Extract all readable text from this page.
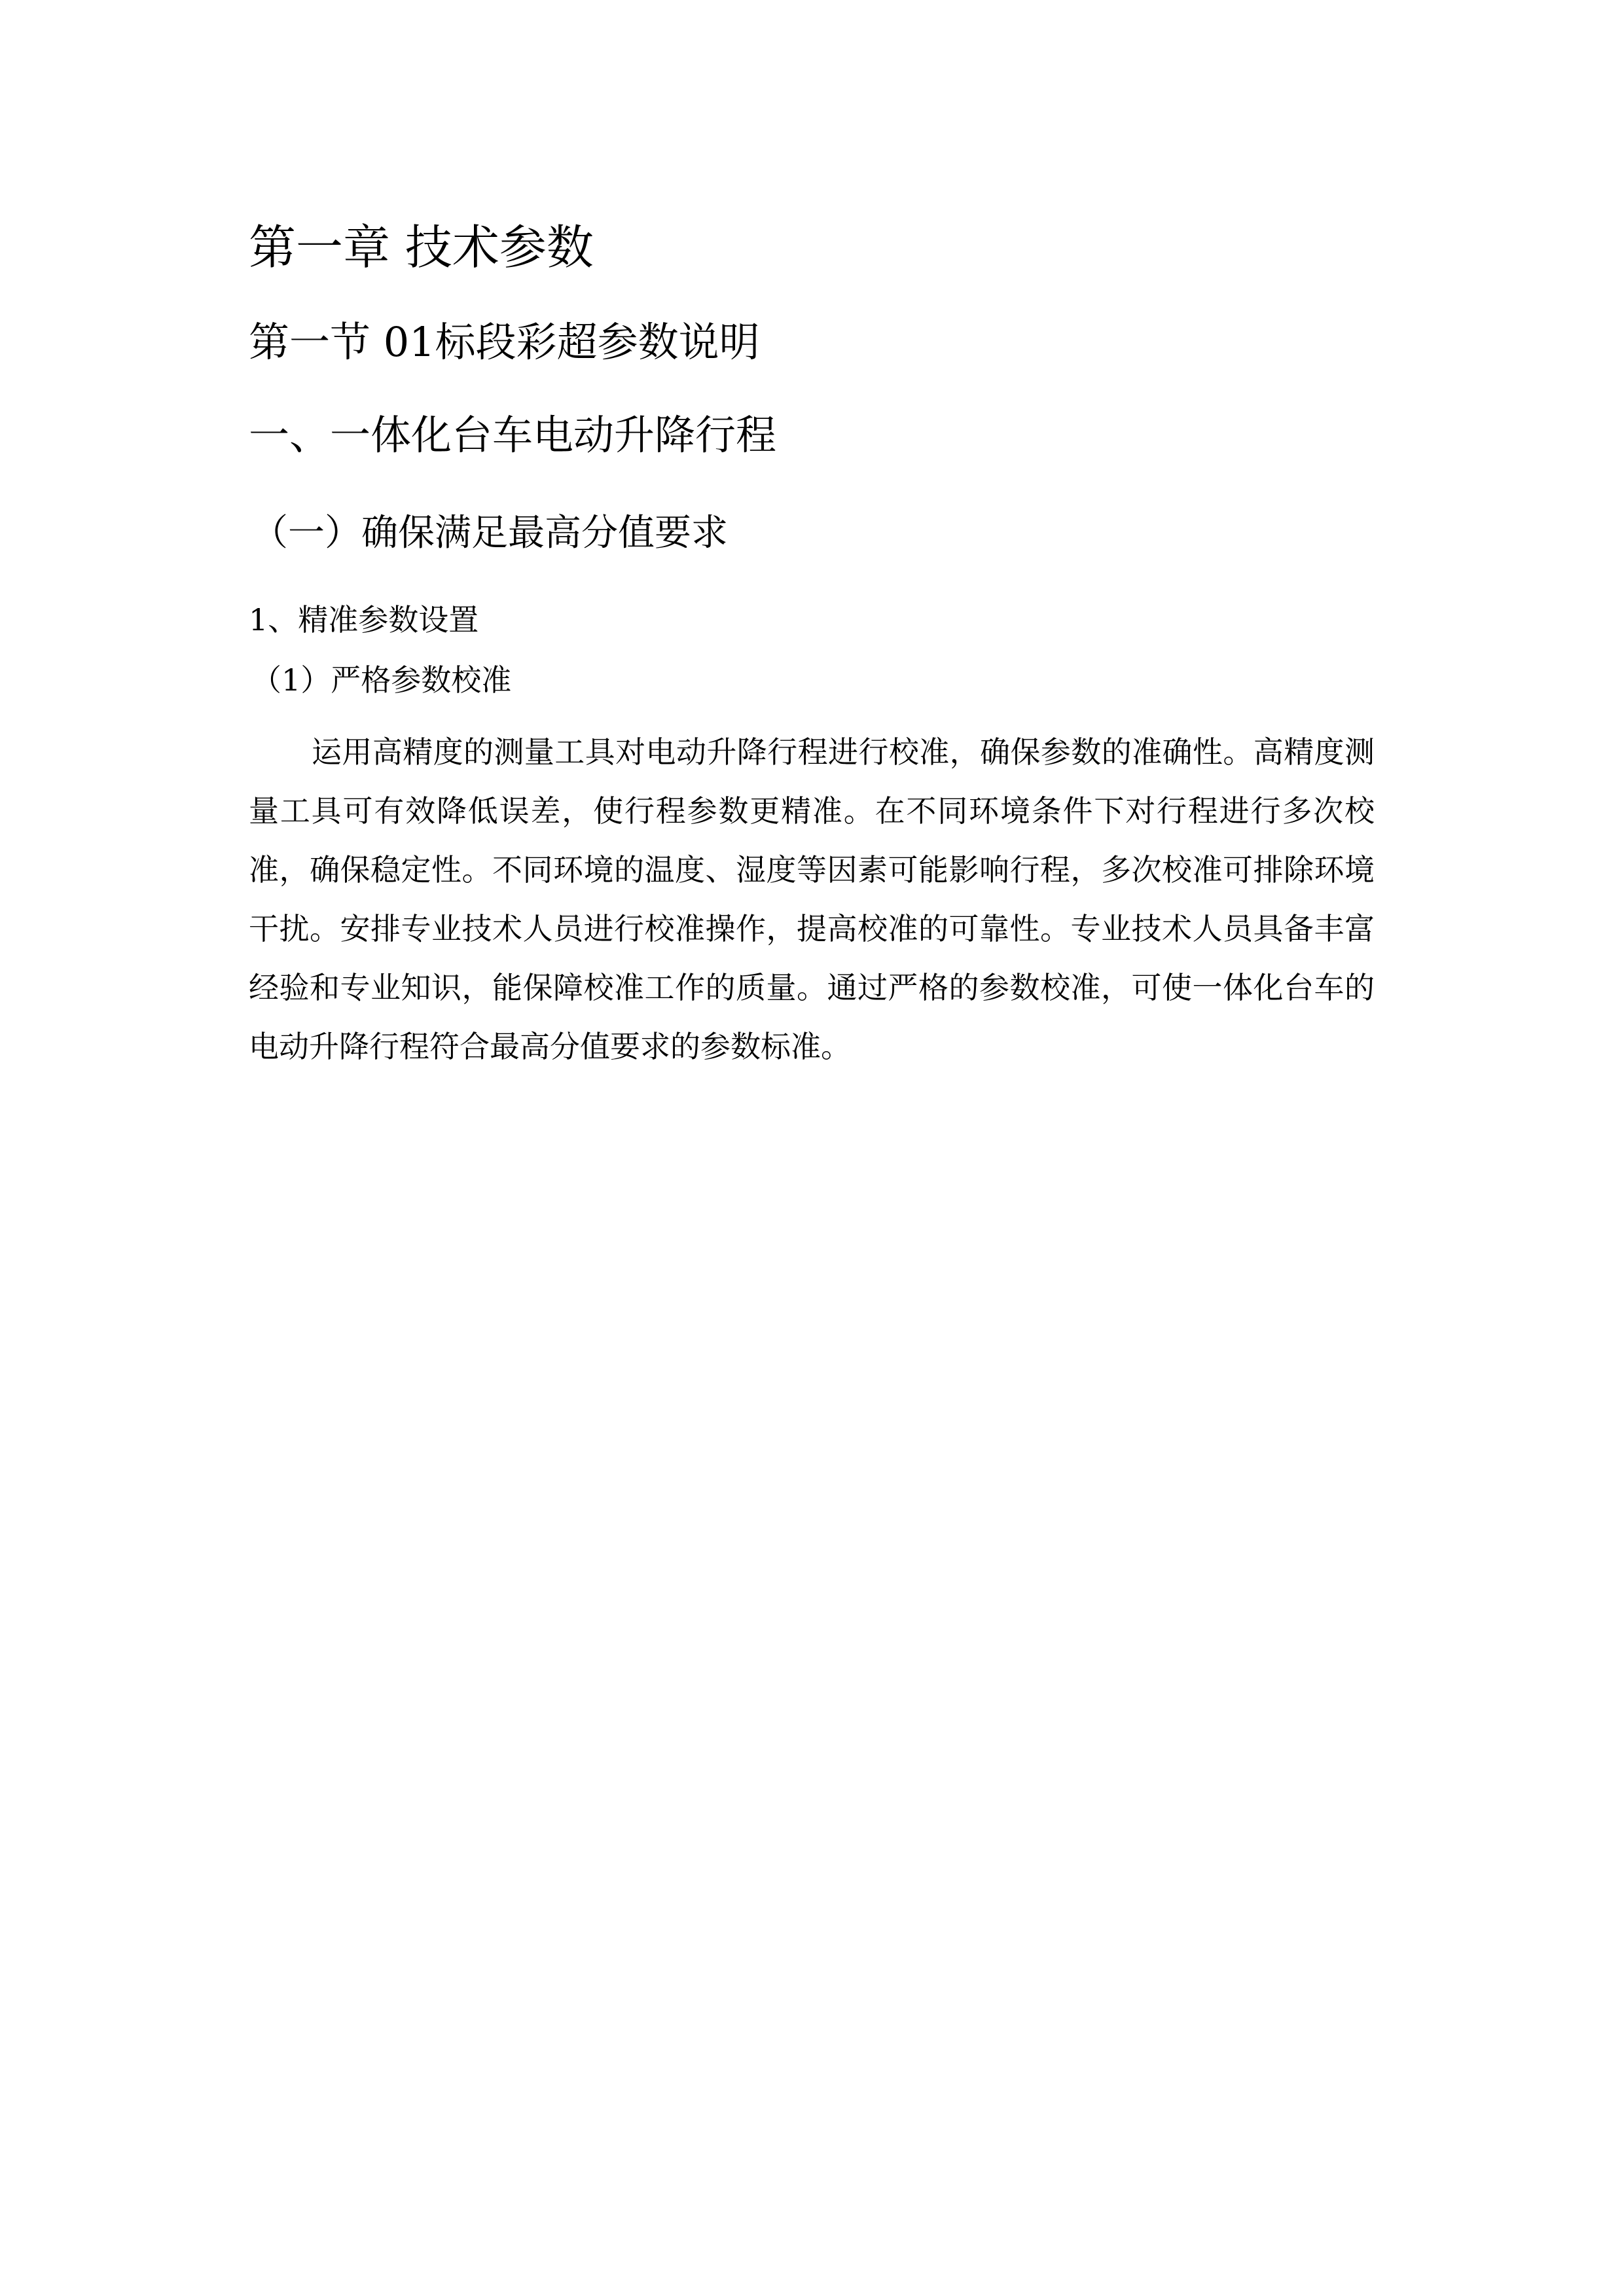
第一章 技术参数
第一节 01标段彩超参数说明
一、一体化台车电动升降行程
（一）确保满足最高分值要求
1、精准参数设置
（1）严格参数校准

运用高精度的测量工具对电动升降行程进行校准，确保参数的准确性。高精度测量工具可有效降低误差，使行程参数更精准。在不同环境条件下对行程进行多次校准，确保稳定性。不同环境的温度、湿度等因素可能影响行程，多次校准可排除环境干扰。安排专业技术人员进行校准操作，提高校准的可靠性。专业技术人员具备丰富经验和专业知识，能保障校准工作的质量。通过严格的参数校准，可使一体化台车的电动升降行程符合最高分值要求的参数标准。
